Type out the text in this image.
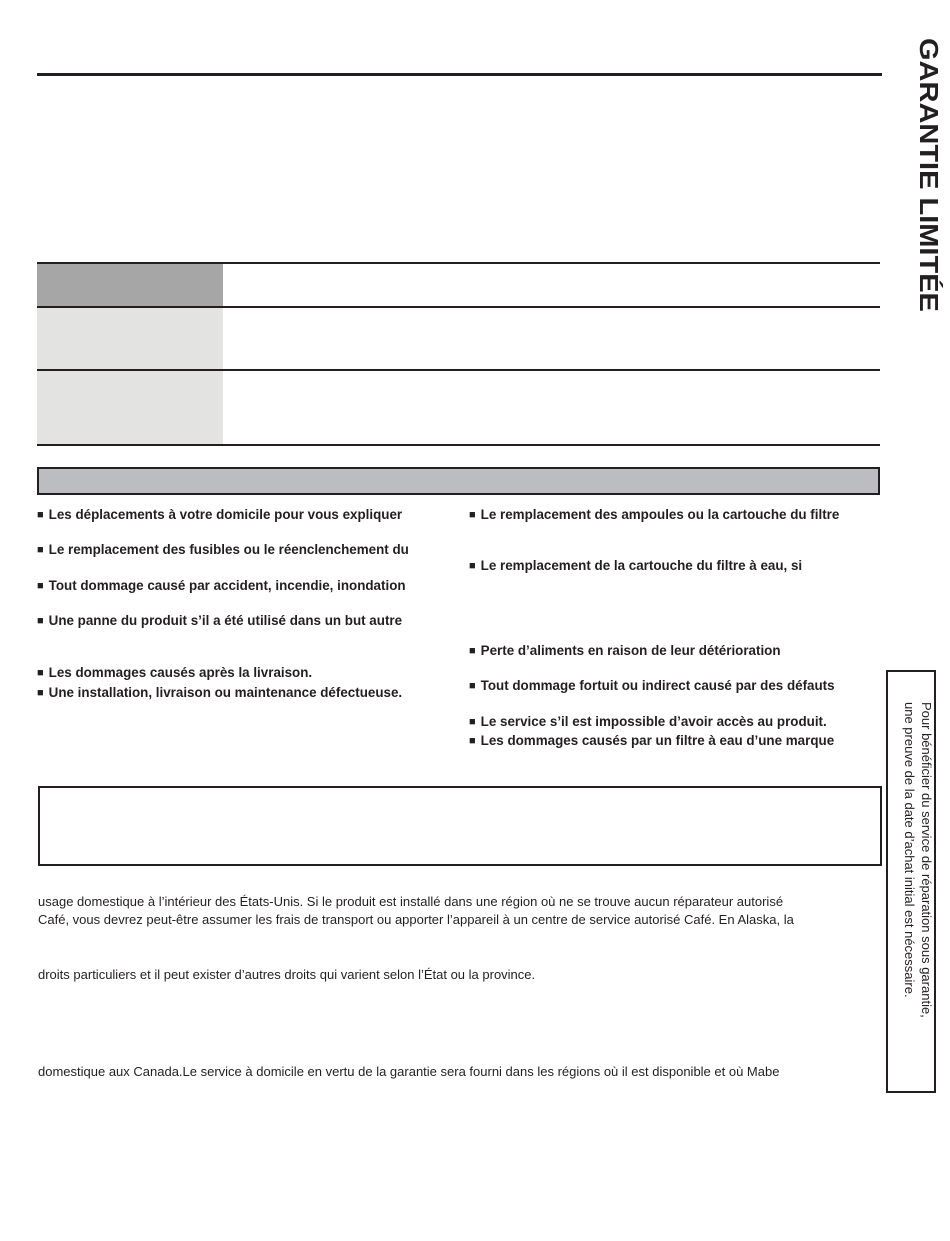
GARANTIE LIMITÉE
■ Les déplacements à votre domicile pour vous expliquer
■ Le remplacement des fusibles ou le réenclenchement du
■ Tout dommage causé par accident, incendie, inondation
■ Une panne du produit s’il a été utilisé dans un but autre
■ Les dommages causés après la livraison.
■ Une installation, livraison ou maintenance défectueuse.
■ Le remplacement des ampoules ou la cartouche du filtre
■ Le remplacement de la cartouche du filtre à eau, si
■ Perte d’aliments en raison de leur détérioration
■ Tout dommage fortuit ou indirect causé par des défauts
■ Le service s’il est impossible d’avoir accès au produit.
■ Les dommages causés par un filtre à eau d’une marque
usage domestique à l’intérieur des États-Unis. Si le produit est installé dans une région où ne se trouve aucun réparateur autorisé
Café, vous devrez peut-être assumer les frais de transport ou apporter l’appareil à un centre de service autorisé Café. En Alaska, la
droits particuliers et il peut exister d’autres droits qui varient selon l’État ou la province.
domestique aux Canada.Le service à domicile en vertu de la garantie sera fourni dans les régions où il est disponible et où Mabe
Pour bénéficier du service de réparation sous garantie,
une preuve de la date d’achat initial est nécessaire.
